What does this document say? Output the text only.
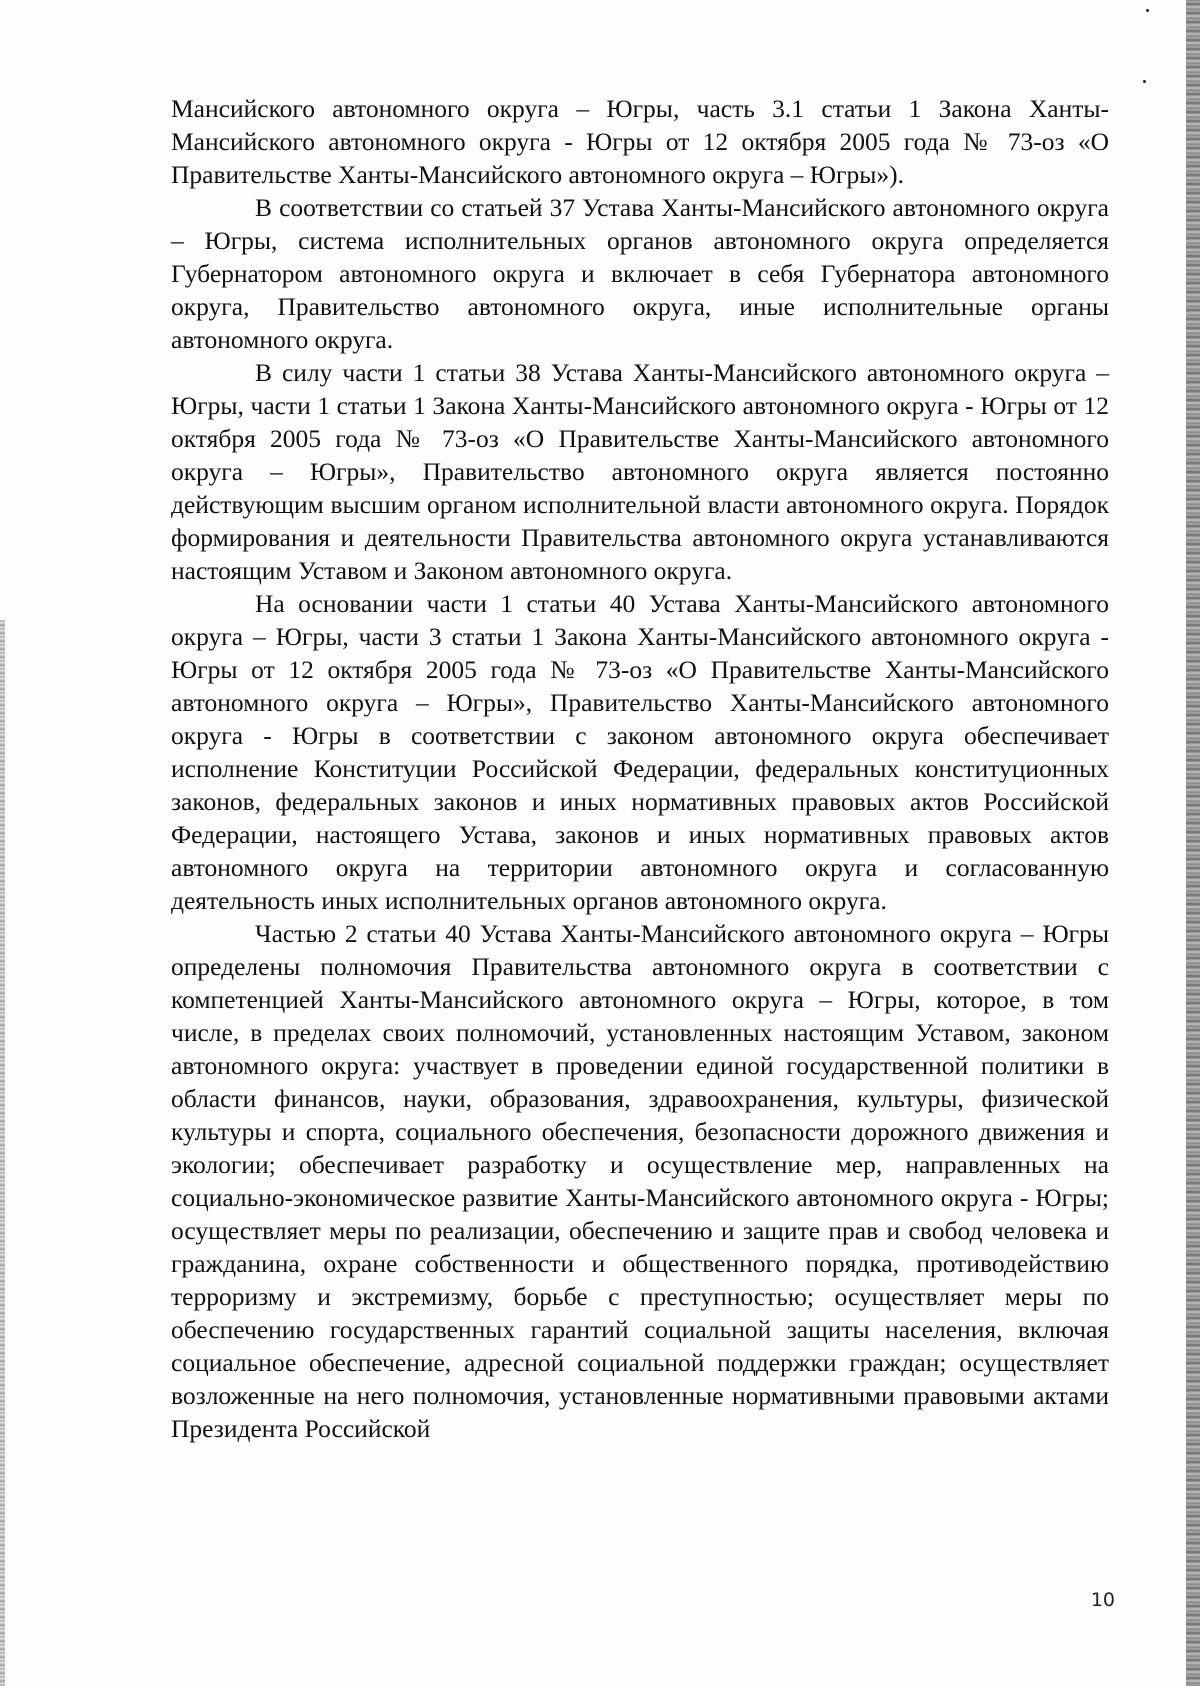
Мансийского автономного округа – Югры, часть 3.1 статьи 1 Закона Ханты-Мансийского автономного округа - Югры от 12 октября 2005 года № 73-оз «О Правительстве Ханты-Мансийского автономного округа – Югры»).

В соответствии со статьей 37 Устава Ханты-Мансийского автономного округа – Югры, система исполнительных органов автономного округа определяется Губернатором автономного округа и включает в себя Губернатора автономного округа, Правительство автономного округа, иные исполнительные органы автономного округа.

В силу части 1 статьи 38 Устава Ханты-Мансийского автономного округа – Югры, части 1 статьи 1 Закона Ханты-Мансийского автономного округа - Югры от 12 октября 2005 года № 73-оз «О Правительстве Ханты-Мансийского автономного округа – Югры», Правительство автономного округа является постоянно действующим высшим органом исполнительной власти автономного округа. Порядок формирования и деятельности Правительства автономного округа устанавливаются настоящим Уставом и Законом автономного округа.

На основании части 1 статьи 40 Устава Ханты-Мансийского автономного округа – Югры, части 3 статьи 1 Закона Ханты-Мансийского автономного округа - Югры от 12 октября 2005 года № 73-оз «О Правительстве Ханты-Мансийского автономного округа – Югры», Правительство Ханты-Мансийского автономного округа - Югры в соответствии с законом автономного округа обеспечивает исполнение Конституции Российской Федерации, федеральных конституционных законов, федеральных законов и иных нормативных правовых актов Российской Федерации, настоящего Устава, законов и иных нормативных правовых актов автономного округа на территории автономного округа и согласованную деятельность иных исполнительных органов автономного округа.

Частью 2 статьи 40 Устава Ханты-Мансийского автономного округа – Югры определены полномочия Правительства автономного округа в соответствии с компетенцией Ханты-Мансийского автономного округа – Югры, которое, в том числе, в пределах своих полномочий, установленных настоящим Уставом, законом автономного округа: участвует в проведении единой государственной политики в области финансов, науки, образования, здравоохранения, культуры, физической культуры и спорта, социального обеспечения, безопасности дорожного движения и экологии; обеспечивает разработку и осуществление мер, направленных на социально-экономическое развитие Ханты-Мансийского автономного округа - Югры; осуществляет меры по реализации, обеспечению и защите прав и свобод человека и гражданина, охране собственности и общественного порядка, противодействию терроризму и экстремизму, борьбе с преступностью; осуществляет меры по обеспечению государственных гарантий социальной защиты населения, включая социальное обеспечение, адресной социальной поддержки граждан; осуществляет возложенные на него полномочия, установленные нормативными правовыми актами Президента Российской

10
